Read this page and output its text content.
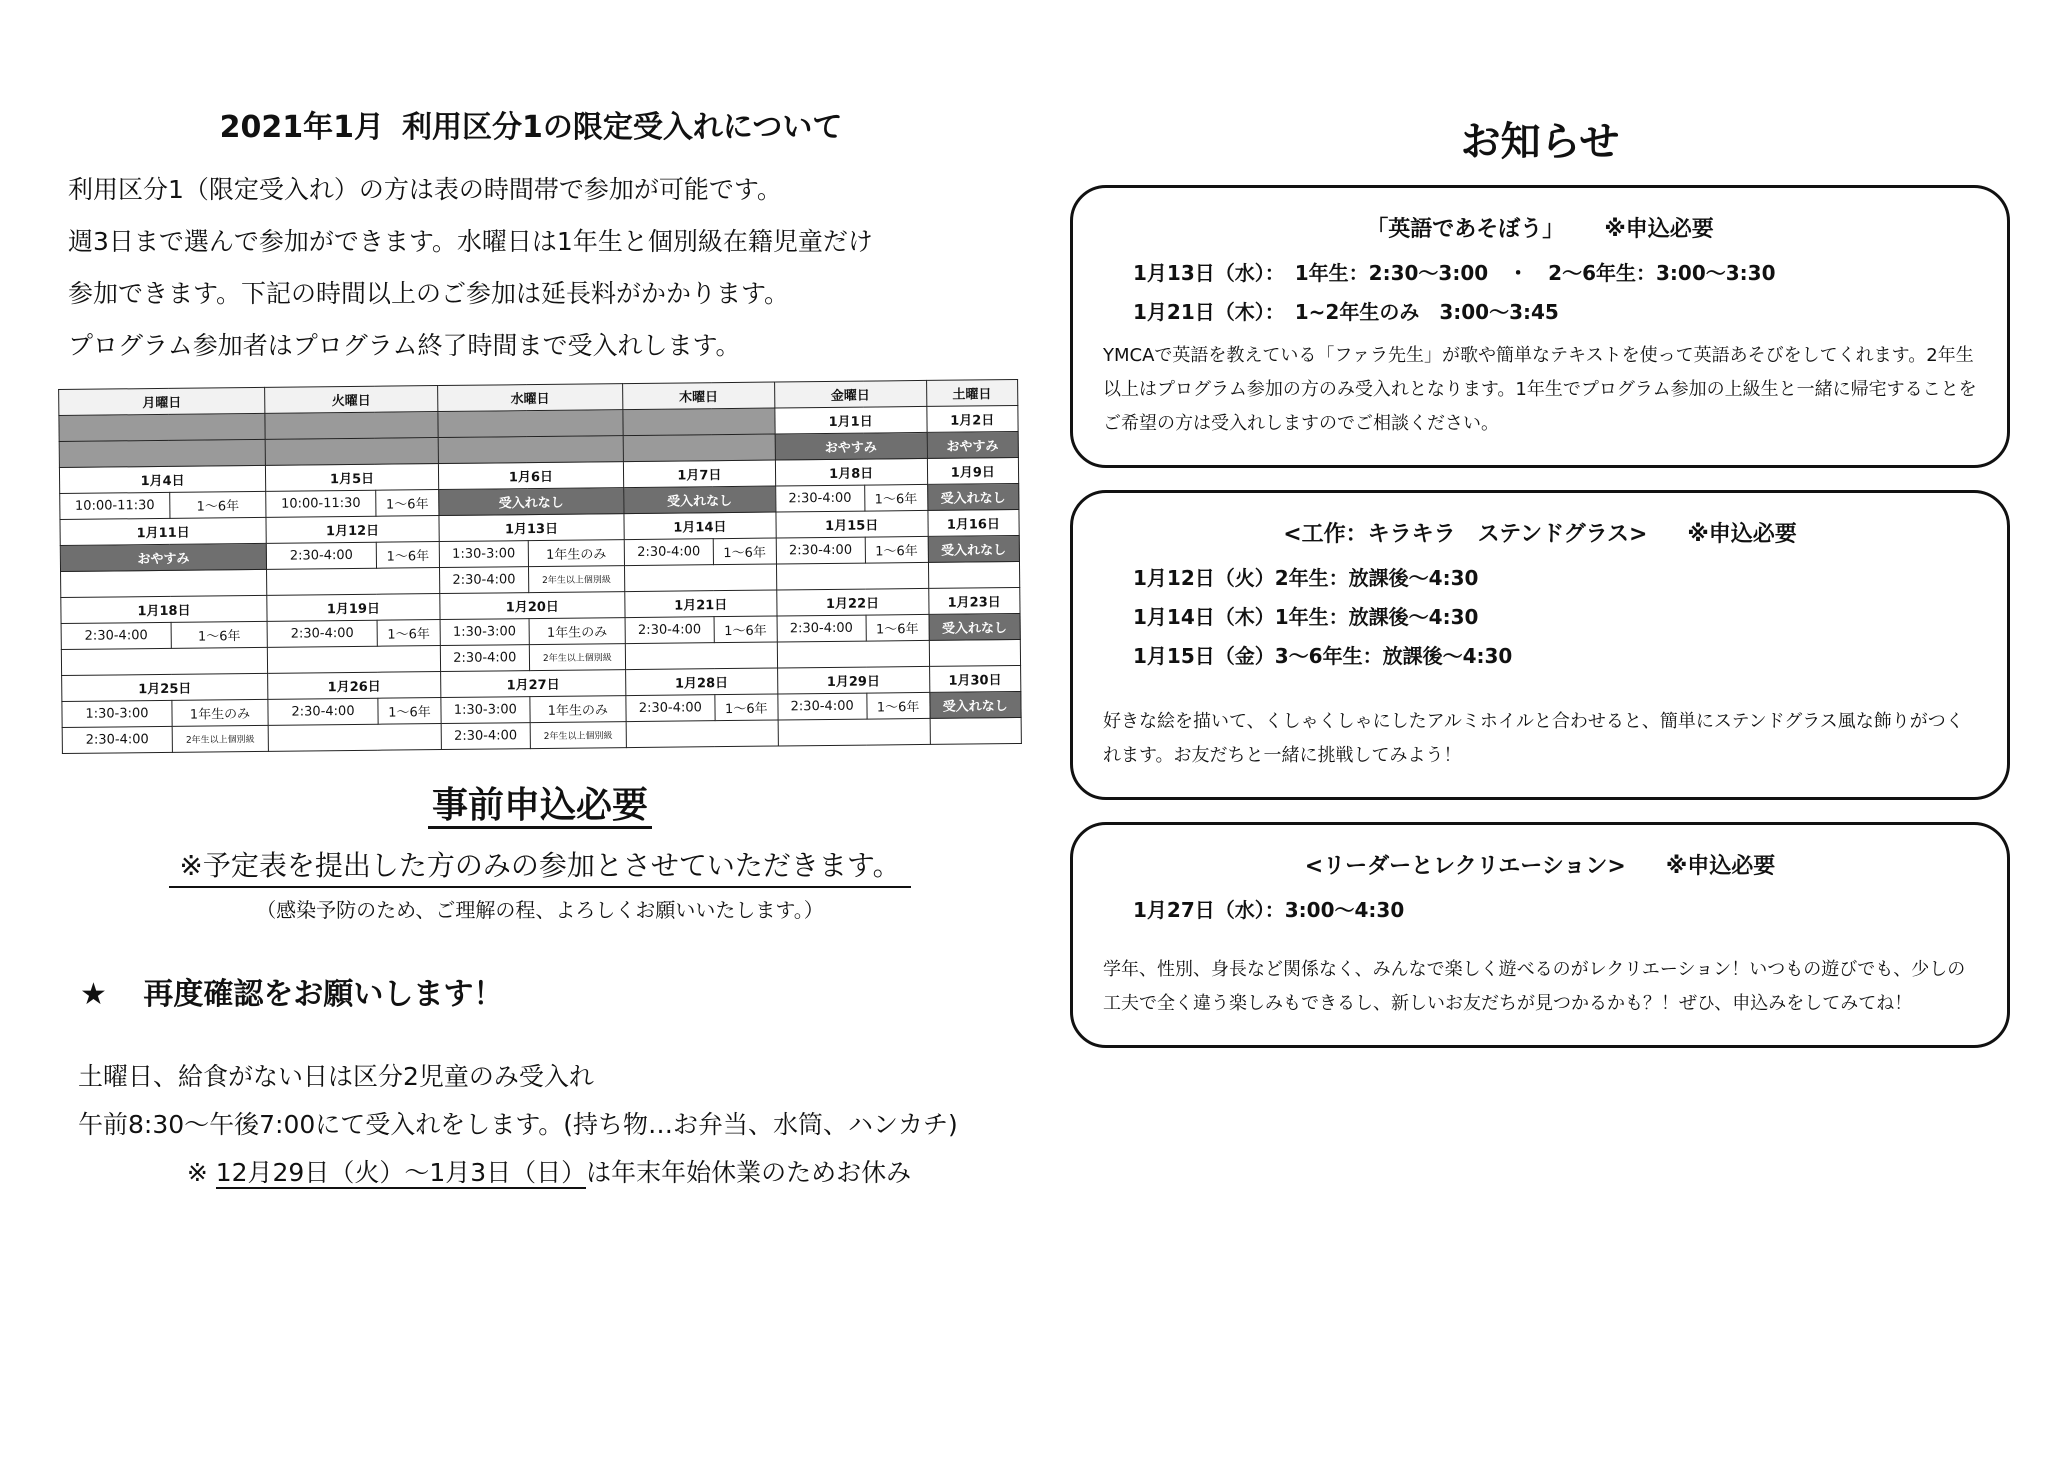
2021年1月 利用区分1の限定受入れについて

利用区分1（限定受入れ）の方は表の時間帯で参加が可能です。

週3日まで選んで参加ができます。水曜日は1年生と個別級在籍児童だけ

参加できます。下記の時間以上のご参加は延長料がかかります。

プログラム参加者はプログラム終了時間まで受入れします。

月曜日		火曜日		水曜日		木曜日		金曜日		土曜日
								1月1日		1月2日
								おやすみ		おやすみ
1月4日		1月5日		1月6日		1月7日		1月8日		1月9日
10:00-11:30	1〜6年	10:00-11:30	1〜6年	受入れなし		受入れなし		2:30-4:00	1〜6年	受入れなし
1月11日		1月12日		1月13日		1月14日		1月15日		1月16日
おやすみ		2:30-4:00	1〜6年	1:30-3:00	1年生のみ	2:30-4:00	1〜6年	2:30-4:00	1〜6年	受入れなし
				2:30-4:00	2年生以上個別級					
1月18日		1月19日		1月20日		1月21日		1月22日		1月23日
2:30-4:00	1〜6年	2:30-4:00	1〜6年	1:30-3:00	1年生のみ	2:30-4:00	1〜6年	2:30-4:00	1〜6年	受入れなし
				2:30-4:00	2年生以上個別級					
1月25日		1月26日		1月27日		1月28日		1月29日		1月30日
1:30-3:00	1年生のみ	2:30-4:00	1〜6年	1:30-3:00	1年生のみ	2:30-4:00	1〜6年	2:30-4:00	1〜6年	受入れなし
2:30-4:00	2年生以上個別級			2:30-4:00	2年生以上個別級					
事前申込必要
※予定表を提出した方のみの参加とさせていただきます。
（感染予防のため、ご理解の程、よろしくお願いいたします。）
★ 再度確認をお願いします！
土曜日、給食がない日は区分2児童のみ受入れ
午前8:30〜午後7:00にて受入れをします。(持ち物…お弁当、水筒、ハンカチ)
※ 12月29日（火）〜1月3日（日）は年末年始休業のためお休み
お知らせ
「英語であそぼう」 ※申込必要
1月13日（水）：　1年生：2:30〜3:00　・　2〜6年生：3:00〜3:30
1月21日（木）：　1~2年生のみ　3:00〜3:45
YMCAで英語を教えている「ファラ先生」が歌や簡単なテキストを使って英語あそびをしてくれます。2年生以上はプログラム参加の方のみ受入れとなります。1年生でプログラム参加の上級生と一緒に帰宅することをご希望の方は受入れしますのでご相談ください。
<工作：キラキラ　ステンドグラス> ※申込必要
1月12日（火）2年生：放課後〜4:30
1月14日（木）1年生：放課後〜4:30
1月15日（金）3〜6年生：放課後〜4:30
好きな絵を描いて、くしゃくしゃにしたアルミホイルと合わせると、簡単にステンドグラス風な飾りがつくれます。お友だちと一緒に挑戦してみよう！
<リーダーとレクリエーション> ※申込必要
1月27日（水）：3:00〜4:30
学年、性別、身長など関係なく、みんなで楽しく遊べるのがレクリエーション！いつもの遊びでも、少しの工夫で全く違う楽しみもできるし、新しいお友だちが見つかるかも？！ぜひ、申込みをしてみてね！
